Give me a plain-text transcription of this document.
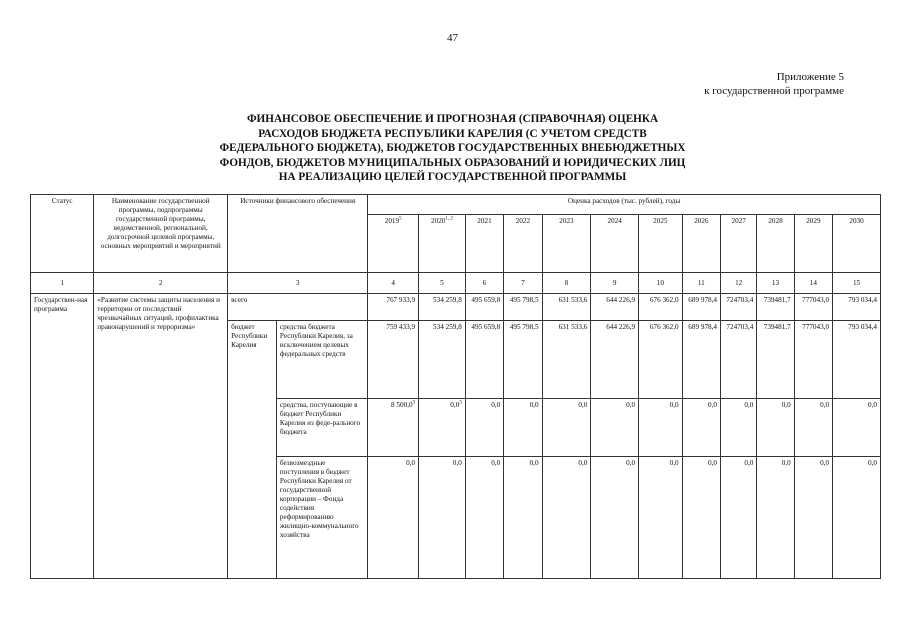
47
Приложение 5
к государственной программе
ФИНАНСОВОЕ ОБЕСПЕЧЕНИЕ И ПРОГНОЗНАЯ (СПРАВОЧНАЯ) ОЦЕНКА
РАСХОДОВ БЮДЖЕТА РЕСПУБЛИКИ КАРЕЛИЯ (С УЧЕТОМ СРЕДСТВ
ФЕДЕРАЛЬНОГО БЮДЖЕТА), БЮДЖЕТОВ ГОСУДАРСТВЕННЫХ ВНЕБЮДЖЕТНЫХ
ФОНДОВ, БЮДЖЕТОВ МУНИЦИПАЛЬНЫХ ОБРАЗОВАНИЙ И ЮРИДИЧЕСКИХ ЛИЦ
НА РЕАЛИЗАЦИЮ ЦЕЛЕЙ ГОСУДАРСТВЕННОЙ ПРОГРАММЫ
Статус	Наименование государственной программы, подпрограммы государственной программы, ведомственной, региональной, долгосрочной целевой программы, основных мероприятий и мероприятий	Источники финансового обеспечения		Оценка расходов (тыс. рублей), годы											
				2019$^5$	2020$^{1, 2}$	2021	2022	2023	2024	2025	2026	2027	2028	2029	2030
1	2	3		4	5	6	7	8	9	10	11	12	13	14	15
Государствен-ная программа	«Развитие системы защиты населения и территории от последствий чрезвычайных ситуаций, профилактика правонарушений и терроризма»	всего		767 933,9	534 259,8	495 659,8	495 798,5	631 533,6	644 226,9	676 362,0	689 978,4	724703,4	739481,7	777043,0	793 034,4
		бюджет Республики Карелия	средства бюджета Республики Карелия, за исключением целевых федеральных средств	759 433,9	534 259,8	495 659,8	495 798,5	631 533,6	644 226,9	676 362,0	689 978,4	724703,4	739481,7	777043,0	793 034,4
			средства, поступающие в бюджет Республики Карелия из феде-рального бюджета	8 500,0$^3$	$0,0^3$	0,0	0,0	0,0	0,0	0,0	0,0	0,0	0,0	0,0	0,0
			безвозмездные поступления в бюджет Республики Карелия от государственной корпорации – Фонда содействия реформированию жилищно-коммунального хозяйства	0,0	0,0	0,0	0,0	0,0	0,0	0,0	0,0	0,0	0,0	0,0	0,0
